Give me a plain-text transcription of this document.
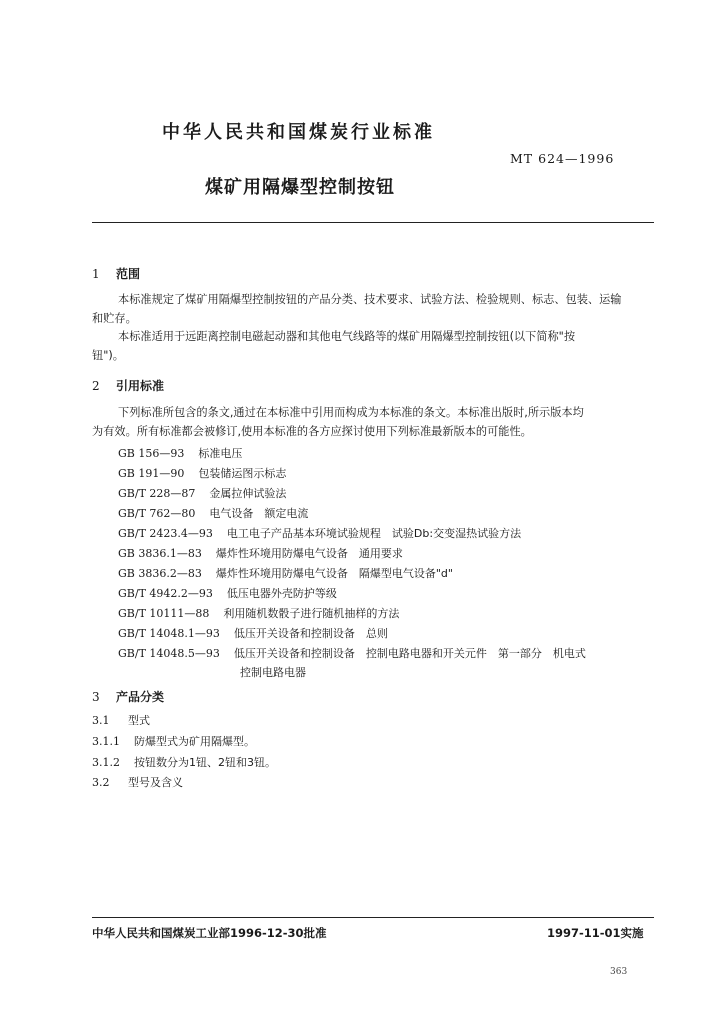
中华人民共和国煤炭行业标准
MT 624—1996
煤矿用隔爆型控制按钮
1 范围
本标准规定了煤矿用隔爆型控制按钮的产品分类、技术要求、试验方法、检验规则、标志、包装、运输
和贮存。
本标准适用于远距离控制电磁起动器和其他电气线路等的煤矿用隔爆型控制按钮(以下简称"按
钮")。
2 引用标准
下列标准所包含的条文,通过在本标准中引用而构成为本标准的条文。本标准出版时,所示版本均
为有效。所有标准都会被修订,使用本标准的各方应探讨使用下列标准最新版本的可能性。
GB 156—93 标准电压
GB 191—90 包装储运图示标志
GB/T 228—87 金属拉伸试验法
GB/T 762—80 电气设备　额定电流
GB/T 2423.4—93 电工电子产品基本环境试验规程　试验Db:交变湿热试验方法
GB 3836.1—83 爆炸性环境用防爆电气设备　通用要求
GB 3836.2—83 爆炸性环境用防爆电气设备　隔爆型电气设备"d"
GB/T 4942.2—93 低压电器外壳防护等级
GB/T 10111—88 利用随机数骰子进行随机抽样的方法
GB/T 14048.1—93 低压开关设备和控制设备　总则
GB/T 14048.5—93 低压开关设备和控制设备　控制电路电器和开关元件　第一部分　机电式
控制电路电器
3 产品分类
3.1 型式
3.1.1 防爆型式为矿用隔爆型。
3.1.2 按钮数分为1钮、2钮和3钮。
3.2 型号及含义
中华人民共和国煤炭工业部1996-12-30批准	1997-11-01实施
363
